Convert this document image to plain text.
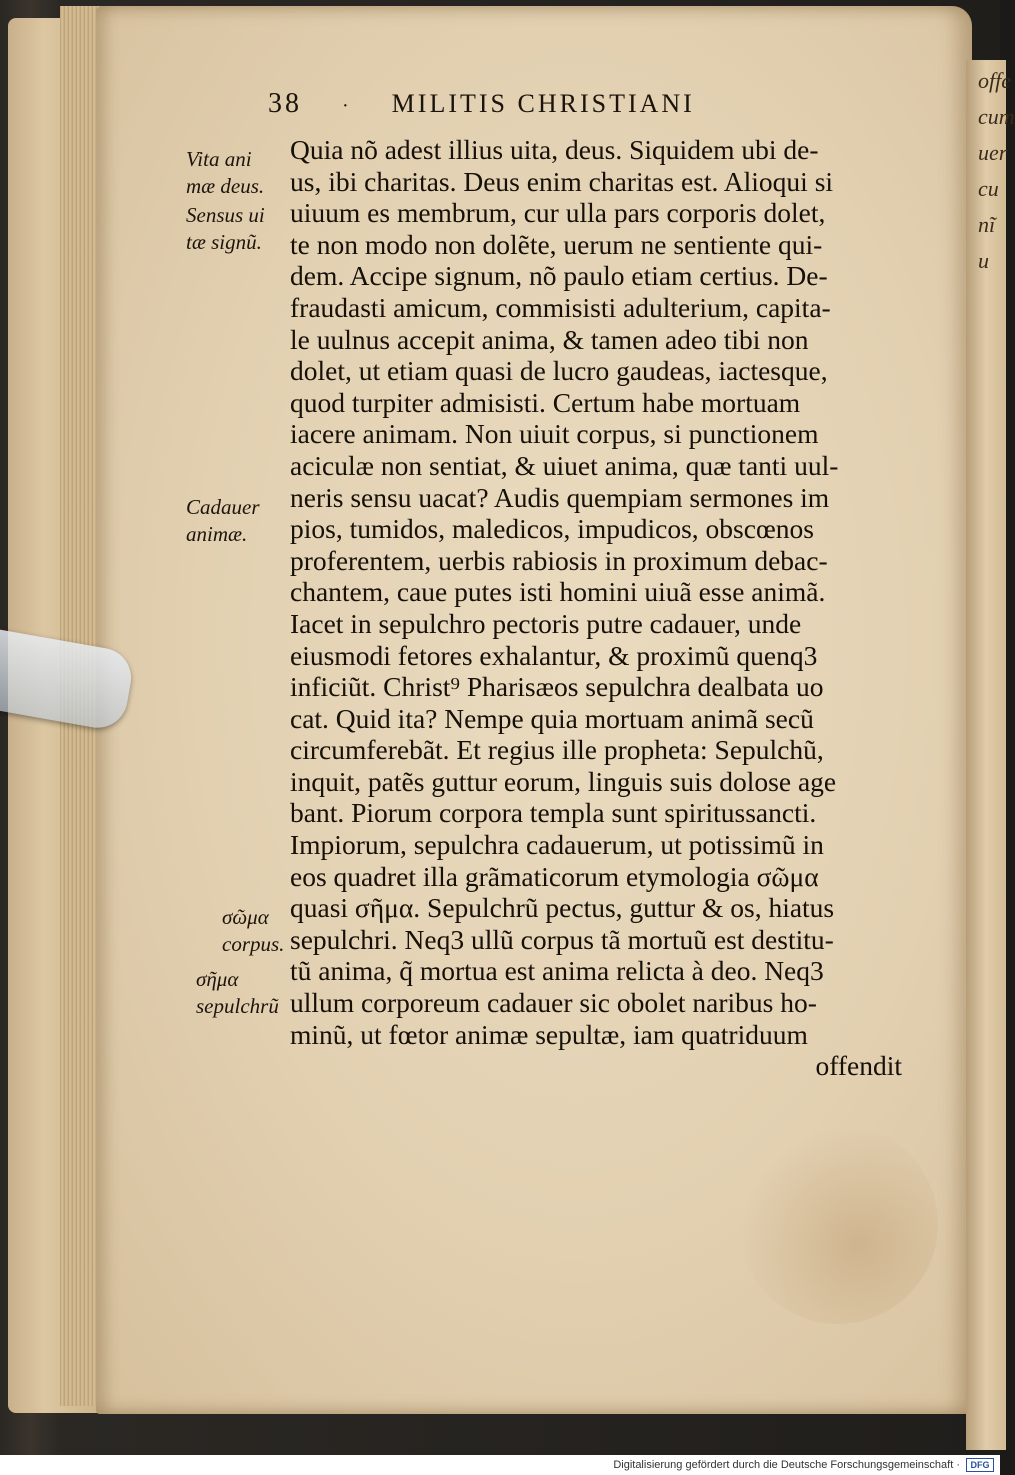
offe
cum
uer
cu
nĩ
u
38 · MILITIS CHRISTIANI
Vita ani
mæ deus.
Sensus ui
tæ signũ.
Cadauer
animæ.
σῶμα
corpus.
σῆμα
sepulchrũ
Quia nõ adest illius uita, deus. Siquidem ubi de-
us, ibi charitas. Deus enim charitas est. Alioqui si
uiuum es membrum, cur ulla pars corporis dolet,
te non modo non dolẽte, uerum ne sentiente qui-
dem. Accipe signum, nõ paulo etiam certius. De-
fraudasti amicum, commisisti adulterium, capita-
le uulnus accepit anima, & tamen adeo tibi non
dolet, ut etiam quasi de lucro gaudeas, iactesque,
quod turpiter admisisti. Certum habe mortuam
iacere animam. Non uiuit corpus, si punctionem
aciculæ non sentiat, & uiuet anima, quæ tanti uul-
neris sensu uacat? Audis quempiam sermones im
pios, tumidos, maledicos, impudicos, obscœnos
proferentem, uerbis rabiosis in proximum debac-
chantem, caue putes isti homini uiuã esse animã.
Iacet in sepulchro pectoris putre cadauer, unde
eiusmodi fetores exhalantur, & proximũ quenq3
inficiũt. Christ⁹ Pharisæos sepulchra dealbata uo
cat. Quid ita? Nempe quia mortuam animã secũ
circumferebãt. Et regius ille propheta: Sepulchũ,
inquit, patẽs guttur eorum, linguis suis dolose age
bant. Piorum corpora templa sunt spiritussancti.
Impiorum, sepulchra cadauerum, ut potissimũ in
eos quadret illa grãmaticorum etymologia σῶμα
quasi σῆμα. Sepulchrũ pectus, guttur & os, hiatus
sepulchri. Neq3 ullũ corpus tã mortuũ est destitu-
tũ anima, q̃ mortua est anima relicta à deo. Neq3
ullum corporeum cadauer sic obolet naribus ho-
minũ, ut fœtor animæ sepultæ, iam quatriduum
offendit
Digitalisierung gefördert durch die Deutsche Forschungsgemeinschaft ·	DFG
